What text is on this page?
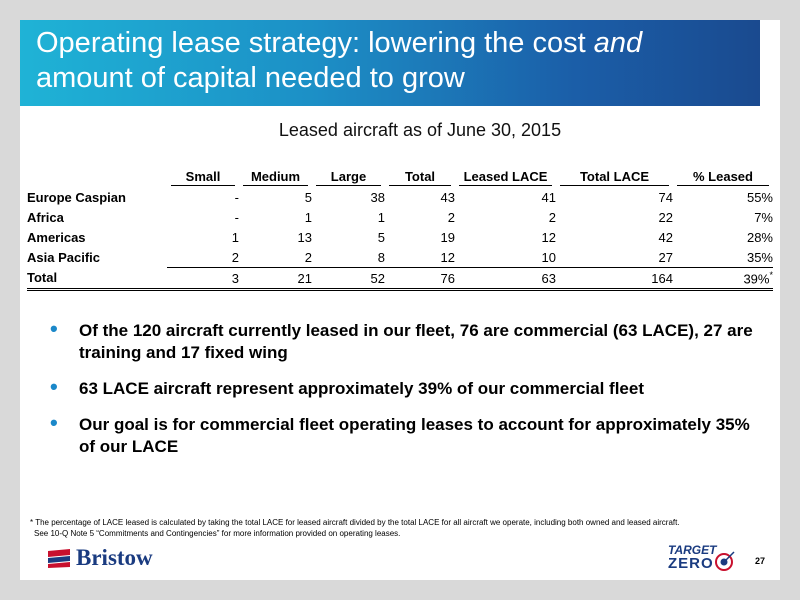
Operating lease strategy: lowering the cost and
amount of capital needed to grow
Leased aircraft as of June 30, 2015

	Small	Medium	Large	Total	Leased LACE	Total LACE	% Leased

Europe Caspian	-	5	38	43	41	74	55%
Africa	-	1	1	2	2	22	7%
Americas	1	13	5	19	12	42	28%
Asia Pacific	2	2	8	12	10	27	35%
Total	3	21	52	76	63	164	39%*
• Of the 120 aircraft currently leased in our fleet, 76 are commercial (63 LACE), 27 are training and 17 fixed wing
• 63 LACE aircraft represent approximately 39% of our commercial fleet
• Our goal is for commercial fleet operating leases to account for approximately 35% of our LACE
* The percentage of LACE leased is calculated by taking the total LACE for leased aircraft divided by the total LACE for all aircraft we operate, including both owned and leased aircraft.
See 10-Q Note 5 “Commitments and Contingencies” for more information provided on operating leases.
Bristow	TARGET
ZERO	27
